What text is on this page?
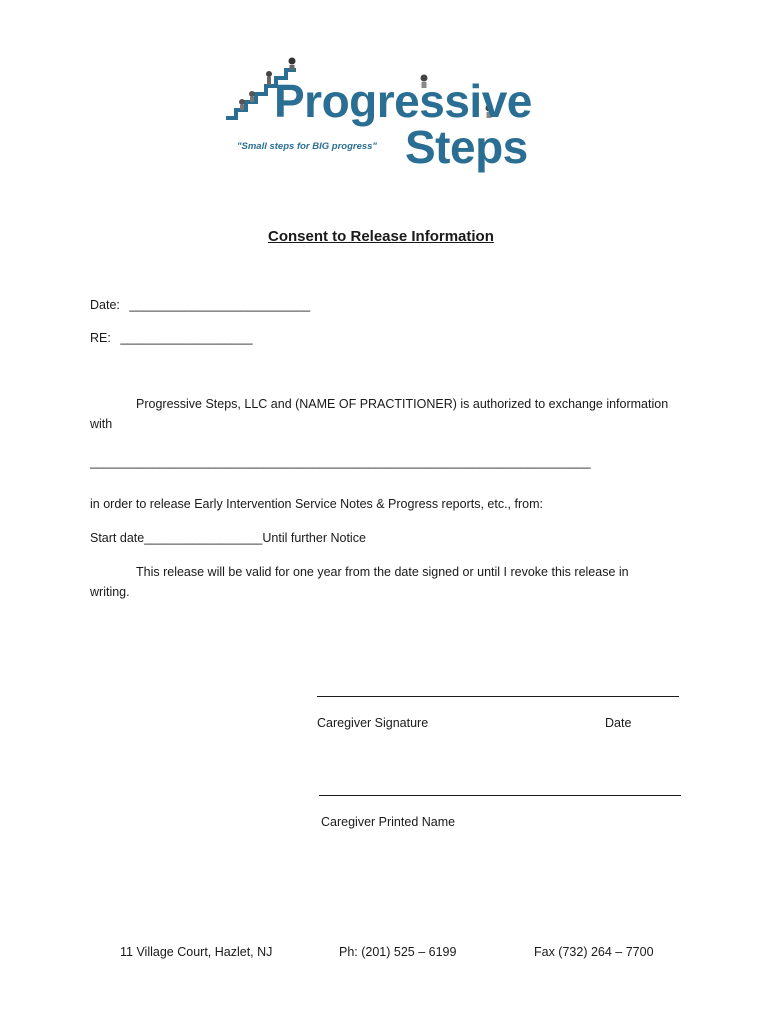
Progressive
Steps
"Small steps for BIG progress"
Consent to Release Information
Date: __________________________
RE: ___________________
Progressive Steps, LLC and (NAME OF PRACTITIONER) is authorized to exchange information
with
________________________________________________________________________
in order to release Early Intervention Service Notes & Progress reports, etc., from:
Start date_________________Until further Notice
This release will be valid for one year from the date signed or until I revoke this release in
writing.
Caregiver Signature	Date
Caregiver Printed Name
11 Village Court, Hazlet, NJ	Ph: (201) 525 – 6199	Fax (732) 264 – 7700
